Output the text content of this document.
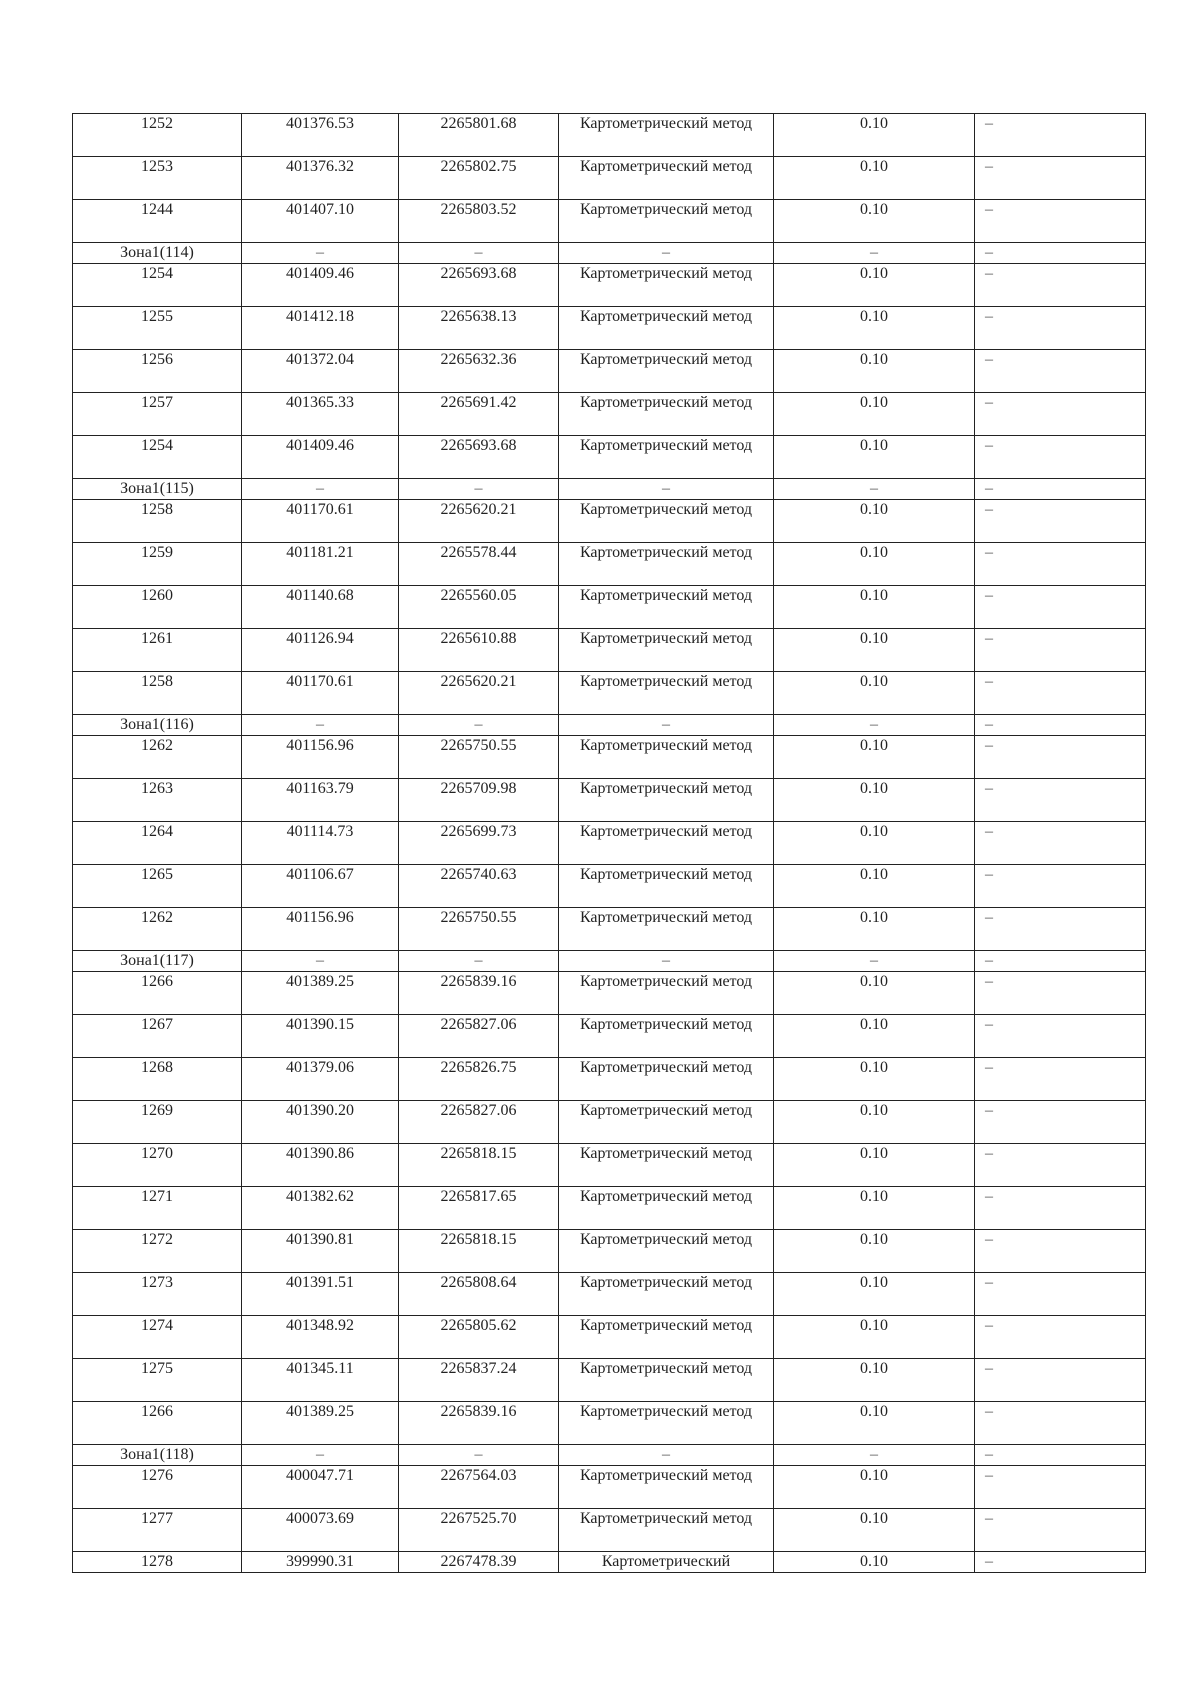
1252	401376.53	2265801.68	Картометрический метод	0.10	–
1253	401376.32	2265802.75	Картометрический метод	0.10	–
1244	401407.10	2265803.52	Картометрический метод	0.10	–
Зона1(114)	–	–	–	–	–
1254	401409.46	2265693.68	Картометрический метод	0.10	–
1255	401412.18	2265638.13	Картометрический метод	0.10	–
1256	401372.04	2265632.36	Картометрический метод	0.10	–
1257	401365.33	2265691.42	Картометрический метод	0.10	–
1254	401409.46	2265693.68	Картометрический метод	0.10	–
Зона1(115)	–	–	–	–	–
1258	401170.61	2265620.21	Картометрический метод	0.10	–
1259	401181.21	2265578.44	Картометрический метод	0.10	–
1260	401140.68	2265560.05	Картометрический метод	0.10	–
1261	401126.94	2265610.88	Картометрический метод	0.10	–
1258	401170.61	2265620.21	Картометрический метод	0.10	–
Зона1(116)	–	–	–	–	–
1262	401156.96	2265750.55	Картометрический метод	0.10	–
1263	401163.79	2265709.98	Картометрический метод	0.10	–
1264	401114.73	2265699.73	Картометрический метод	0.10	–
1265	401106.67	2265740.63	Картометрический метод	0.10	–
1262	401156.96	2265750.55	Картометрический метод	0.10	–
Зона1(117)	–	–	–	–	–
1266	401389.25	2265839.16	Картометрический метод	0.10	–
1267	401390.15	2265827.06	Картометрический метод	0.10	–
1268	401379.06	2265826.75	Картометрический метод	0.10	–
1269	401390.20	2265827.06	Картометрический метод	0.10	–
1270	401390.86	2265818.15	Картометрический метод	0.10	–
1271	401382.62	2265817.65	Картометрический метод	0.10	–
1272	401390.81	2265818.15	Картометрический метод	0.10	–
1273	401391.51	2265808.64	Картометрический метод	0.10	–
1274	401348.92	2265805.62	Картометрический метод	0.10	–
1275	401345.11	2265837.24	Картометрический метод	0.10	–
1266	401389.25	2265839.16	Картометрический метод	0.10	–
Зона1(118)	–	–	–	–	–
1276	400047.71	2267564.03	Картометрический метод	0.10	–
1277	400073.69	2267525.70	Картометрический метод	0.10	–
1278	399990.31	2267478.39	Картометрический	0.10	–
